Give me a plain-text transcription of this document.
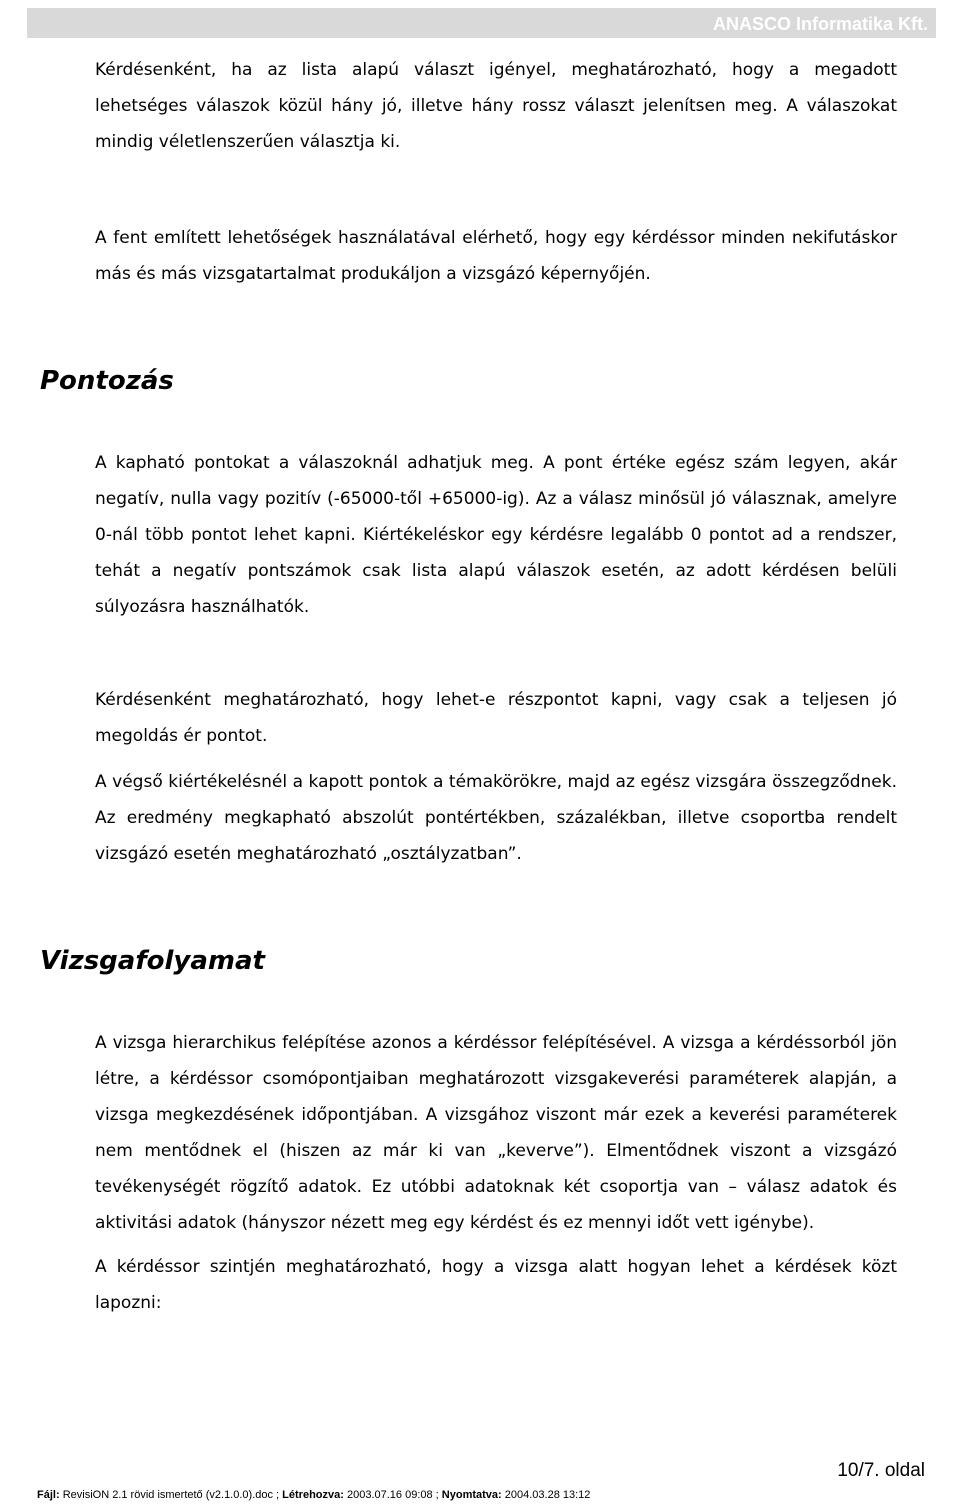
ANASCO Informatika Kft.
Kérdésenként, ha az lista alapú választ igényel, meghatározható, hogy a megadott lehetséges válaszok közül hány jó, illetve hány rossz választ jelenítsen meg. A válaszokat mindig véletlenszerűen választja ki.
A fent említett lehetőségek használatával elérhető, hogy egy kérdéssor minden nekifutáskor más és más vizsgatartalmat produkáljon a vizsgázó képernyőjén.
Pontozás
A kapható pontokat a válaszoknál adhatjuk meg. A pont értéke egész szám legyen, akár negatív, nulla vagy pozitív (-65000-től +65000-ig). Az a válasz minősül jó válasznak, amelyre 0-nál több pontot lehet kapni. Kiértékeléskor egy kérdésre legalább 0 pontot ad a rendszer, tehát a negatív pontszámok csak lista alapú válaszok esetén, az adott kérdésen belüli súlyozásra használhatók.
Kérdésenként meghatározható, hogy lehet-e részpontot kapni, vagy csak a teljesen jó megoldás ér pontot.
A végső kiértékelésnél a kapott pontok a témakörökre, majd az egész vizsgára összegződnek. Az eredmény megkapható abszolút pontértékben, százalékban, illetve csoportba rendelt vizsgázó esetén meghatározható „osztályzatban”.
Vizsgafolyamat
A vizsga hierarchikus felépítése azonos a kérdéssor felépítésével. A vizsga a kérdéssorból jön létre, a kérdéssor csomópontjaiban meghatározott vizsgakeverési paraméterek alapján, a vizsga megkezdésének időpontjában. A vizsgához viszont már ezek a keverési paraméterek nem mentődnek el (hiszen az már ki van „keverve”). Elmentődnek viszont a vizsgázó tevékenységét rögzítő adatok. Ez utóbbi adatoknak két csoportja van – válasz adatok és aktivitási adatok (hányszor nézett meg egy kérdést és ez mennyi időt vett igénybe).
A kérdéssor szintjén meghatározható, hogy a vizsga alatt hogyan lehet a kérdések közt lapozni:
10/7. oldal
Fájl: RevisiON 2.1 rövid ismertető (v2.1.0.0).doc ; Létrehozva: 2003.07.16 09:08 ; Nyomtatva: 2004.03.28 13:12
